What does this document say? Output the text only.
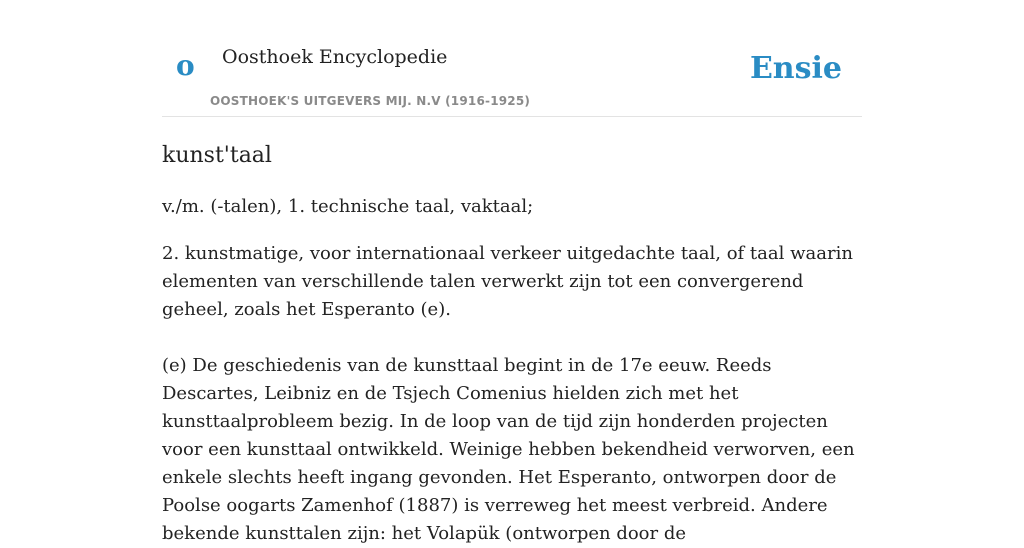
o Oosthoek Encyclopedie
OOSTHOEK'S UITGEVERS MIJ. N.V (1916-1925)
Ensie
kunst'taal

v./m. (-talen), 1. technische taal, vaktaal;

2. kunstmatige, voor internationaal verkeer uitgedachte taal, of taal waarin elementen van verschillende talen verwerkt zijn tot een convergerend geheel, zoals het Esperanto (e).

(e) De geschiedenis van de kunsttaal begint in de 17e eeuw. Reeds Descartes, Leibniz en de Tsjech Comenius hielden zich met het kunsttaalprobleem bezig. In de loop van de tijd zijn honderden projecten voor een kunsttaal ontwikkeld. Weinige hebben bekendheid verworven, een enkele slechts heeft ingang gevonden. Het Esperanto, ontworpen door de Poolse oogarts Zamenhof (1887) is verreweg het meest verbreid. Andere bekende kunsttalen zijn: het Volapük (ontworpen door de
